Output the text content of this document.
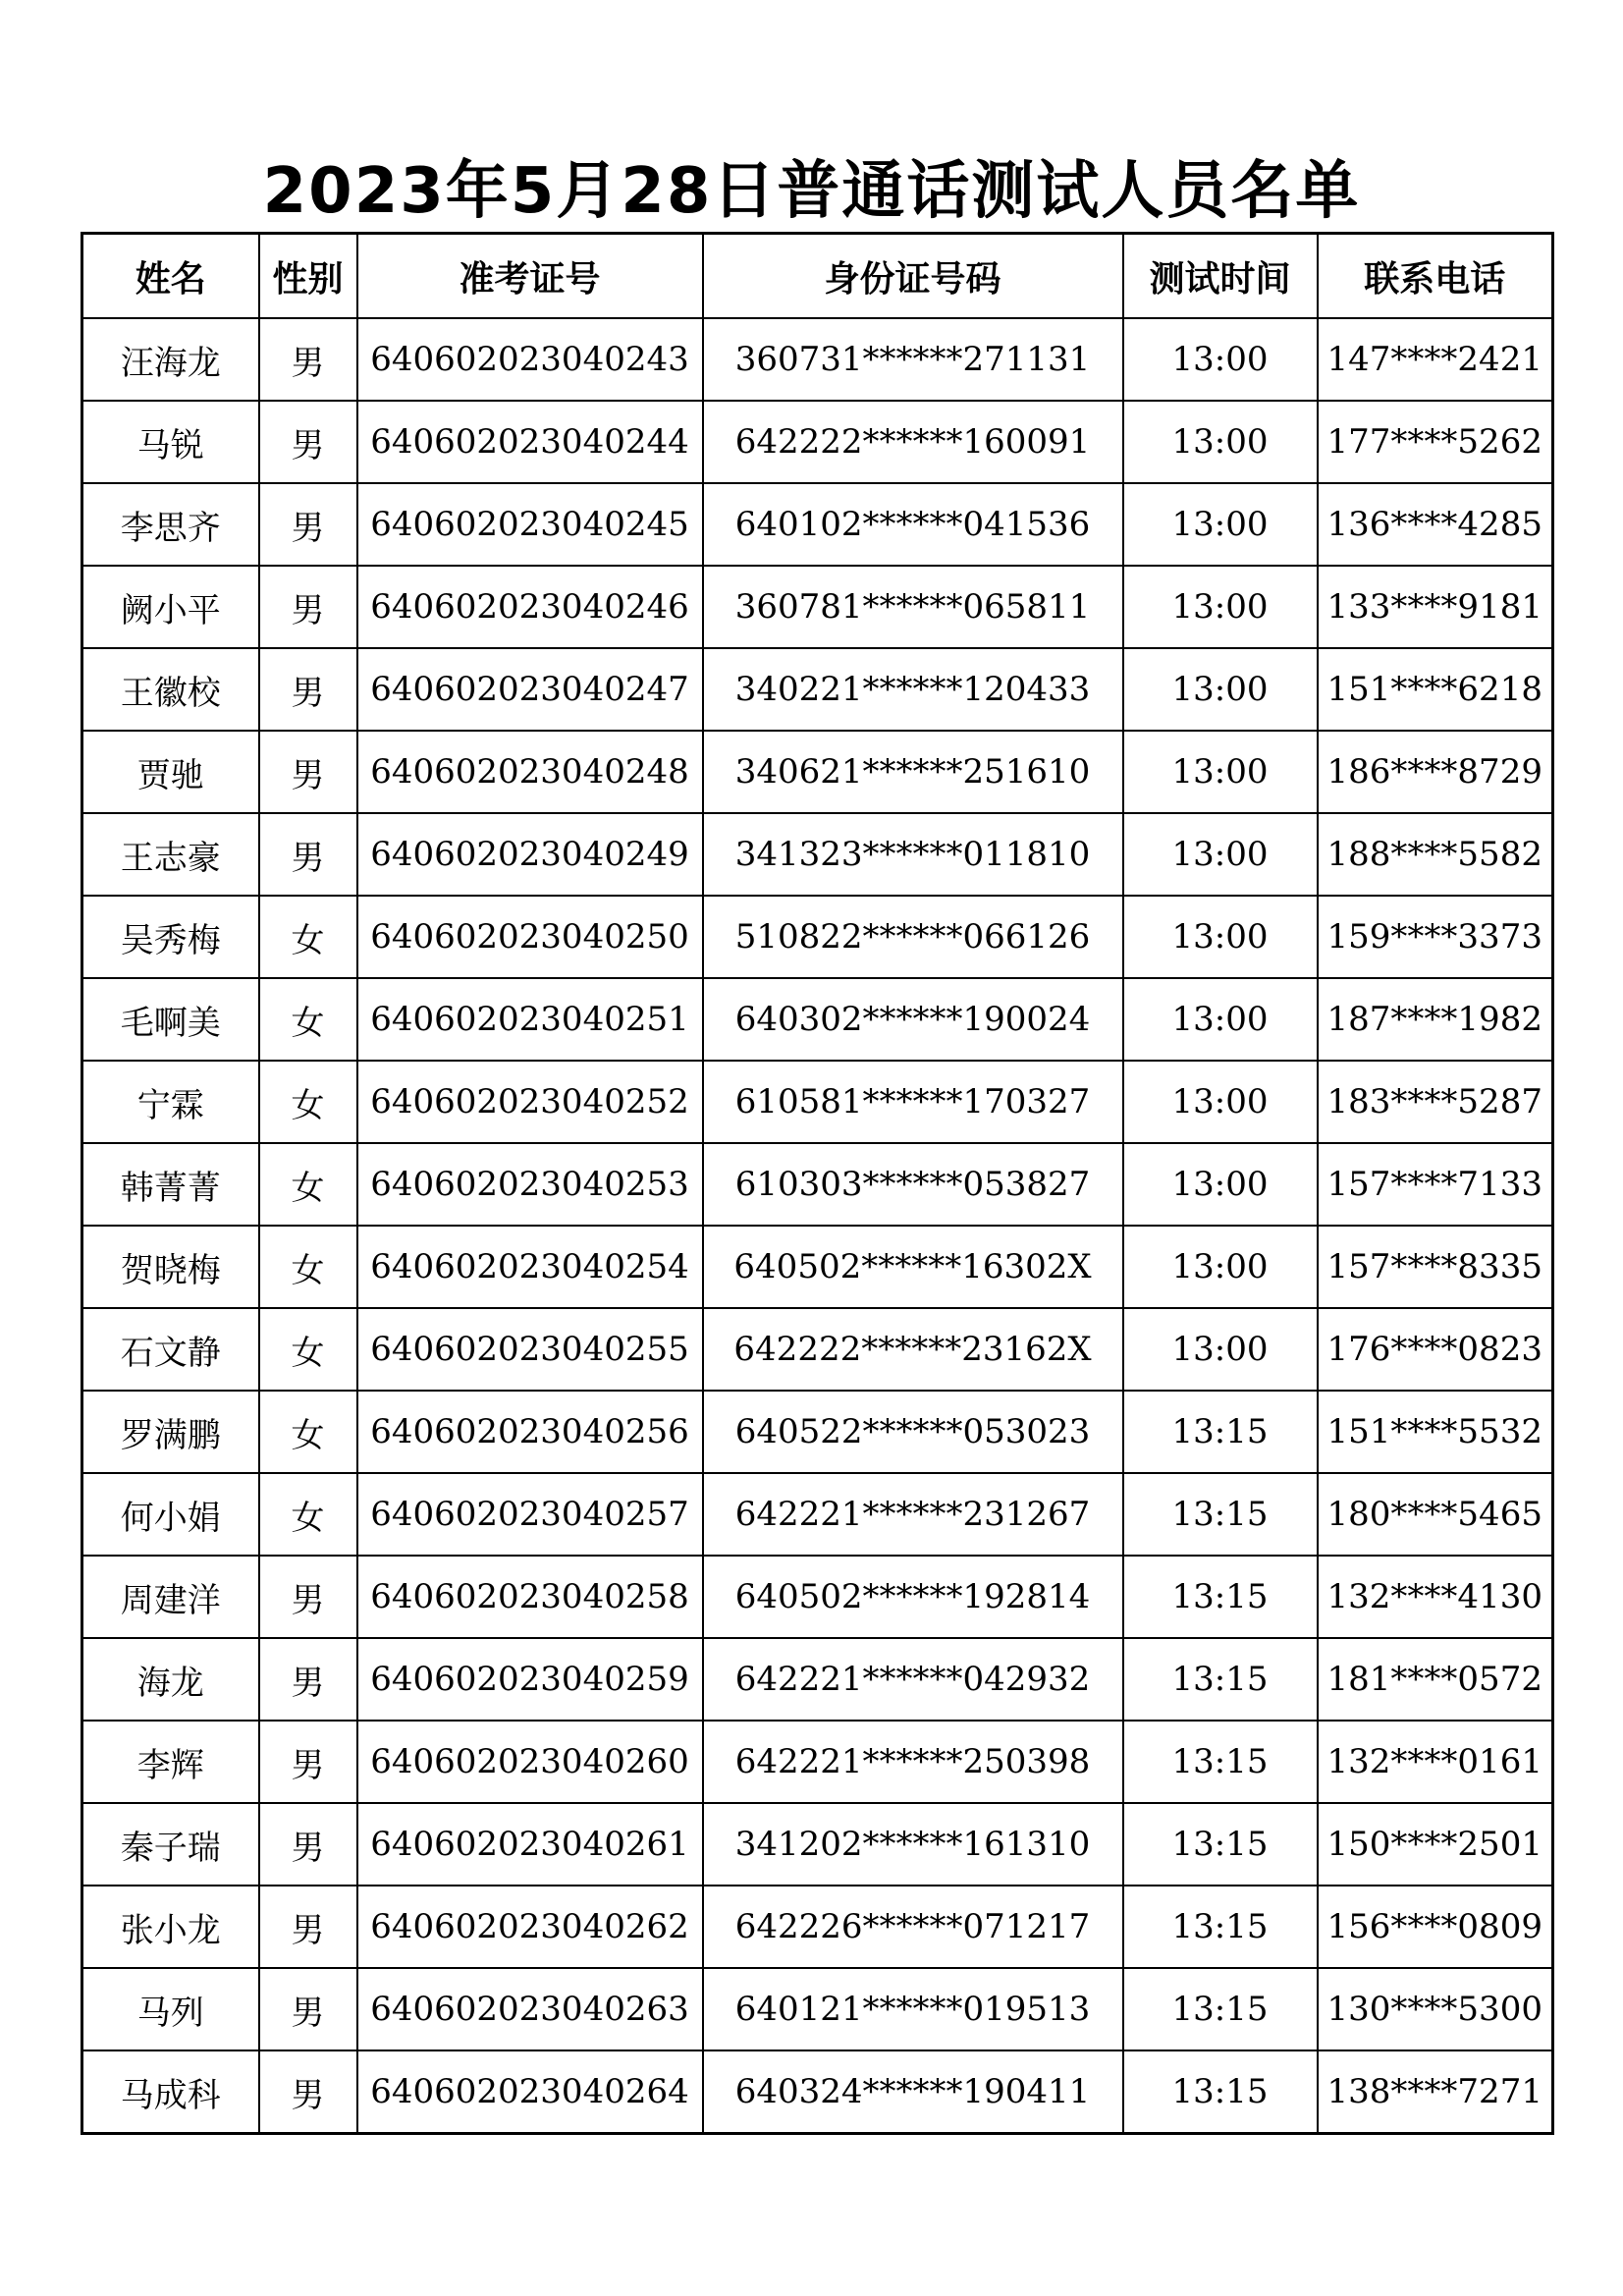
2023年5月28日普通话测试人员名单
姓名	性别	准考证号	身份证号码	测试时间	联系电话
汪海龙	男	640602023040243	360731******271131	13:00	147****2421
马锐	男	640602023040244	642222******160091	13:00	177****5262
李思齐	男	640602023040245	640102******041536	13:00	136****4285
阙小平	男	640602023040246	360781******065811	13:00	133****9181
王徽校	男	640602023040247	340221******120433	13:00	151****6218
贾驰	男	640602023040248	340621******251610	13:00	186****8729
王志豪	男	640602023040249	341323******011810	13:00	188****5582
吴秀梅	女	640602023040250	510822******066126	13:00	159****3373
毛啊美	女	640602023040251	640302******190024	13:00	187****1982
宁霖	女	640602023040252	610581******170327	13:00	183****5287
韩菁菁	女	640602023040253	610303******053827	13:00	157****7133
贺晓梅	女	640602023040254	640502******16302X	13:00	157****8335
石文静	女	640602023040255	642222******23162X	13:00	176****0823
罗满鹏	女	640602023040256	640522******053023	13:15	151****5532
何小娟	女	640602023040257	642221******231267	13:15	180****5465
周建洋	男	640602023040258	640502******192814	13:15	132****4130
海龙	男	640602023040259	642221******042932	13:15	181****0572
李辉	男	640602023040260	642221******250398	13:15	132****0161
秦子瑞	男	640602023040261	341202******161310	13:15	150****2501
张小龙	男	640602023040262	642226******071217	13:15	156****0809
马列	男	640602023040263	640121******019513	13:15	130****5300
马成科	男	640602023040264	640324******190411	13:15	138****7271
